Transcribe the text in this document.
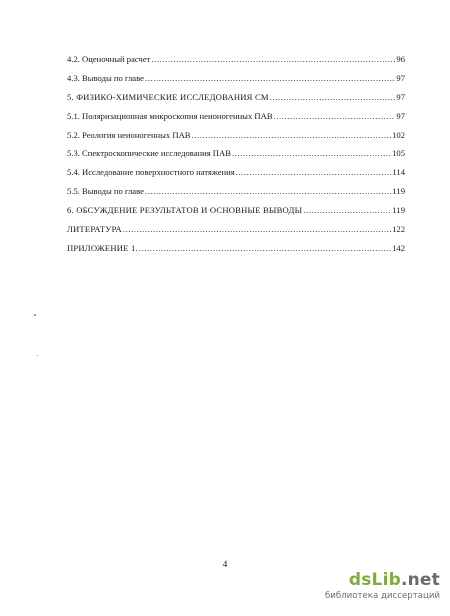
4.2. Оценочный расчет .....	96
4.3. Выводы по главе .....	97
5. ФИЗИКО-ХИМИЧЕСКИЕ ИССЛЕДОВАНИЯ СМ .....	97
5.1. Поляризационная микроскопия неионогенных ПАВ .....	97
5.2. Реология неионогенных ПАВ .....	102
5.3. Спектроскопические исследования ПАВ .....	105
5.4. Исследование поверхностного натяжения .....	114
5.5. Выводы по главе .....	119
6. ОБСУЖДЕНИЕ РЕЗУЛЬТАТОВ И ОСНОВНЫЕ ВЫВОДЫ .....	119
ЛИТЕРАТУРА .....	122
ПРИЛОЖЕНИЕ 1. .....	142
4
dsLib.net
библиотека диссертаций
